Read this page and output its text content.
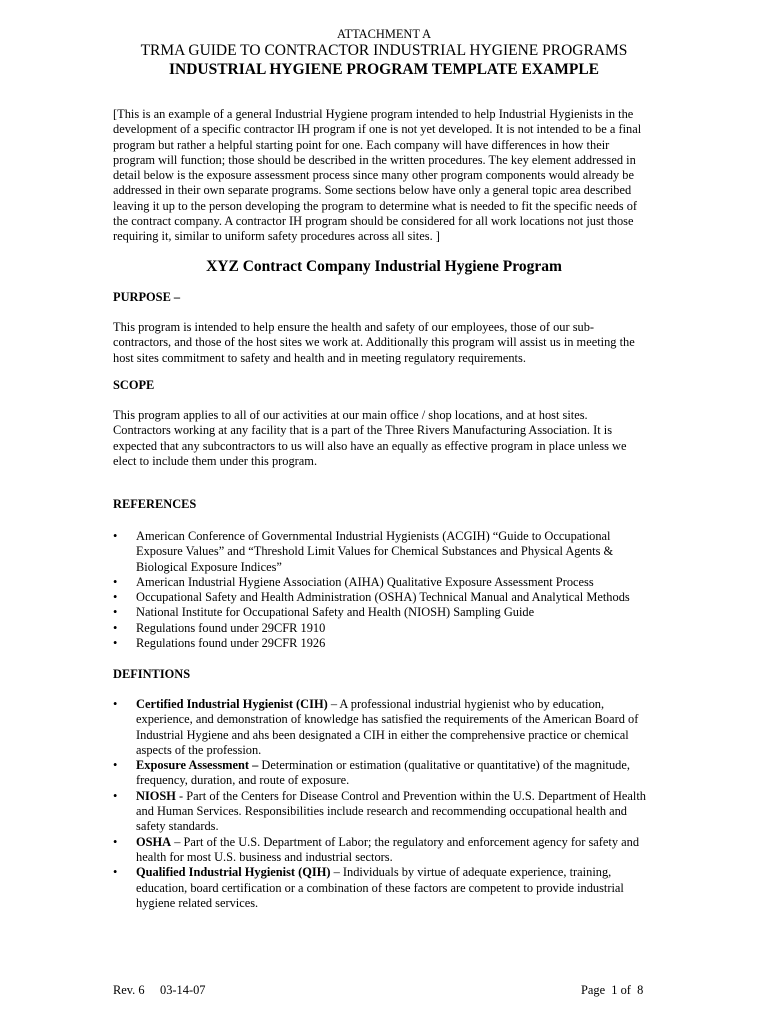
ATTACHMENT A
TRMA GUIDE TO CONTRACTOR INDUSTRIAL HYGIENE PROGRAMS
INDUSTRIAL HYGIENE PROGRAM TEMPLATE EXAMPLE
[This is an example of a general Industrial Hygiene program intended to help Industrial Hygienists in the
development of a specific contractor IH program if one is not yet developed. It is not intended to be a final
program but rather a helpful starting point for one. Each company will have differences in how their
program will function; those should be described in the written procedures. The key element addressed in
detail below is the exposure assessment process since many other program components would already be
addressed in their own separate programs. Some sections below have only a general topic area described
leaving it up to the person developing the program to determine what is needed to fit the specific needs of
the contract company. A contractor IH program should be considered for all work locations not just those
requiring it, similar to uniform safety procedures across all sites. ]
XYZ Contract Company Industrial Hygiene Program
PURPOSE –
This program is intended to help ensure the health and safety of our employees, those of our sub-
contractors, and those of the host sites we work at. Additionally this program will assist us in meeting the
host sites commitment to safety and health and in meeting regulatory requirements.
SCOPE
This program applies to all of our activities at our main office / shop locations, and at host sites.
Contractors working at any facility that is a part of the Three Rivers Manufacturing Association. It is
expected that any subcontractors to us will also have an equally as effective program in place unless we
elect to include them under this program.
REFERENCES
•	American Conference of Governmental Industrial Hygienists (ACGIH) “Guide to Occupational
Exposure Values” and “Threshold Limit Values for Chemical Substances and Physical Agents &
Biological Exposure Indices”
•	American Industrial Hygiene Association (AIHA) Qualitative Exposure Assessment Process
•	Occupational Safety and Health Administration (OSHA) Technical Manual and Analytical Methods
•	National Institute for Occupational Safety and Health (NIOSH) Sampling Guide
•	Regulations found under 29CFR 1910
•	Regulations found under 29CFR 1926
DEFINTIONS
•	Certified Industrial Hygienist (CIH) – A professional industrial hygienist who by education,
experience, and demonstration of knowledge has satisfied the requirements of the American Board of
Industrial Hygiene and ahs been designated a CIH in either the comprehensive practice or chemical
aspects of the profession.
•	Exposure Assessment – Determination or estimation (qualitative or quantitative) of the magnitude,
frequency, duration, and route of exposure.
•	NIOSH - Part of the Centers for Disease Control and Prevention within the U.S. Department of Health
and Human Services. Responsibilities include research and recommending occupational health and
safety standards.
•	OSHA – Part of the U.S. Department of Labor; the regulatory and enforcement agency for safety and
health for most U.S. business and industrial sectors.
•	Qualified Industrial Hygienist (QIH) – Individuals by virtue of adequate experience, training,
education, board certification or a combination of these factors are competent to provide industrial
hygiene related services.
Rev. 6     03-14-07	Page  1 of  8
